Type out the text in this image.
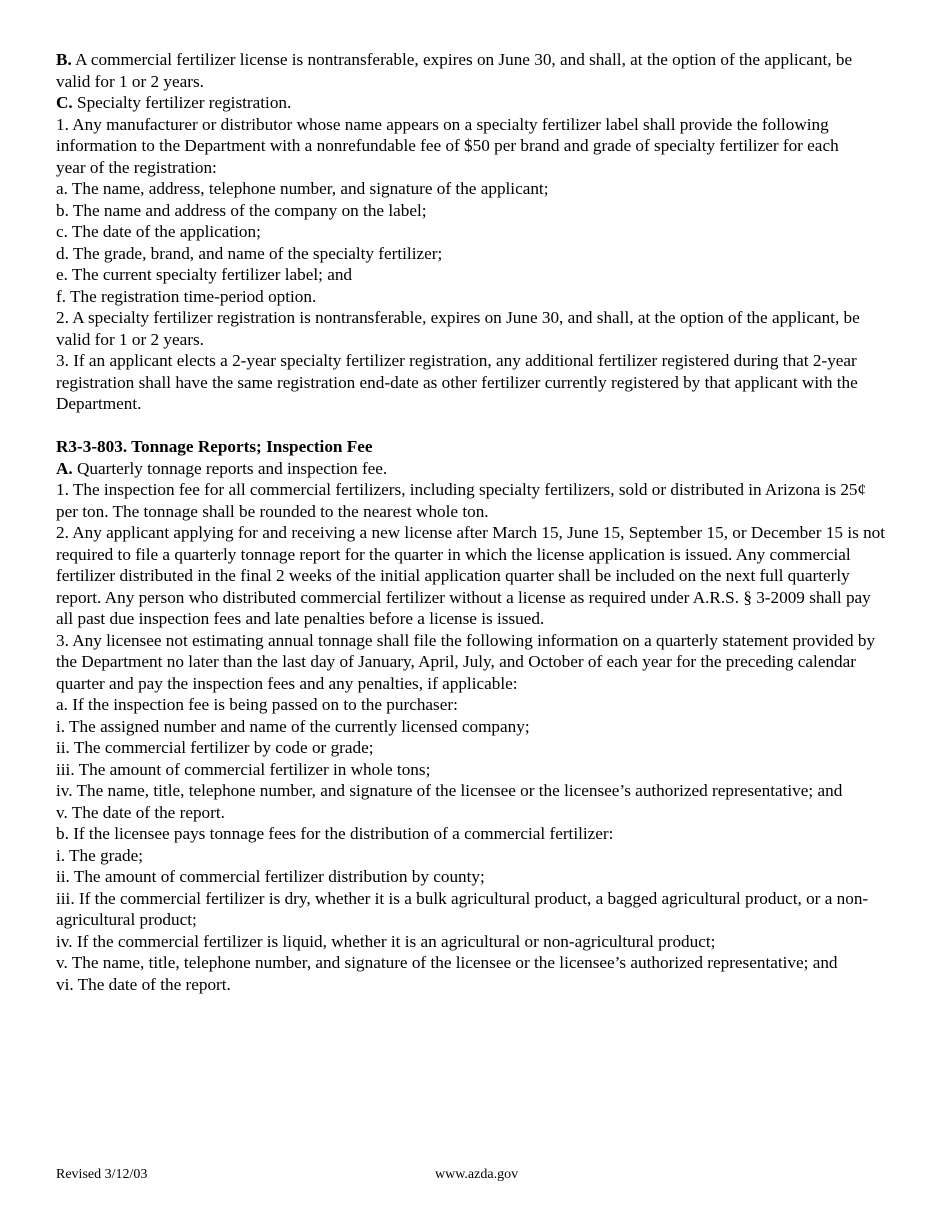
B. A commercial fertilizer license is nontransferable, expires on June 30, and shall, at the option of the applicant, be valid for 1 or 2 years.
C. Specialty fertilizer registration.
1. Any manufacturer or distributor whose name appears on a specialty fertilizer label shall provide the following information to the Department with a nonrefundable fee of $50 per brand and grade of specialty fertilizer for each
year of the registration:
a. The name, address, telephone number, and signature of the applicant;
b. The name and address of the company on the label;
c. The date of the application;
d. The grade, brand, and name of the specialty fertilizer;
e. The current specialty fertilizer label; and
f. The registration time-period option.
2. A specialty fertilizer registration is nontransferable, expires on June 30, and shall, at the option of the applicant, be valid for 1 or 2 years.
3. If an applicant elects a 2-year specialty fertilizer registration, any additional fertilizer registered during that 2-year registration shall have the same registration end-date as other fertilizer currently registered by that applicant with the Department.
R3-3-803. Tonnage Reports; Inspection Fee
A. Quarterly tonnage reports and inspection fee.
1. The inspection fee for all commercial fertilizers, including specialty fertilizers, sold or distributed in Arizona is 25¢ per ton. The tonnage shall be rounded to the nearest whole ton.
2. Any applicant applying for and receiving a new license after March 15, June 15, September 15, or December 15 is not required to file a quarterly tonnage report for the quarter in which the license application is issued. Any commercial fertilizer distributed in the final 2 weeks of the initial application quarter shall be included on the next full quarterly report. Any person who distributed commercial fertilizer without a license as required under A.R.S. § 3-2009 shall pay all past due inspection fees and late penalties before a license is issued.
3. Any licensee not estimating annual tonnage shall file the following information on a quarterly statement provided by the Department no later than the last day of January, April, July, and October of each year for the preceding calendar quarter and pay the inspection fees and any penalties, if applicable:
a. If the inspection fee is being passed on to the purchaser:
i. The assigned number and name of the currently licensed company;
ii. The commercial fertilizer by code or grade;
iii. The amount of commercial fertilizer in whole tons;
iv. The name, title, telephone number, and signature of the licensee or the licensee’s authorized representative; and
v. The date of the report.
b. If the licensee pays tonnage fees for the distribution of a commercial fertilizer:
i. The grade;
ii. The amount of commercial fertilizer distribution by county;
iii. If the commercial fertilizer is dry, whether it is a bulk agricultural product, a bagged agricultural product, or a non-agricultural product;
iv. If the commercial fertilizer is liquid, whether it is an agricultural or non-agricultural product;
v. The name, title, telephone number, and signature of the licensee or the licensee’s authorized representative; and
vi. The date of the report.
Revised 3/12/03	www.azda.gov
